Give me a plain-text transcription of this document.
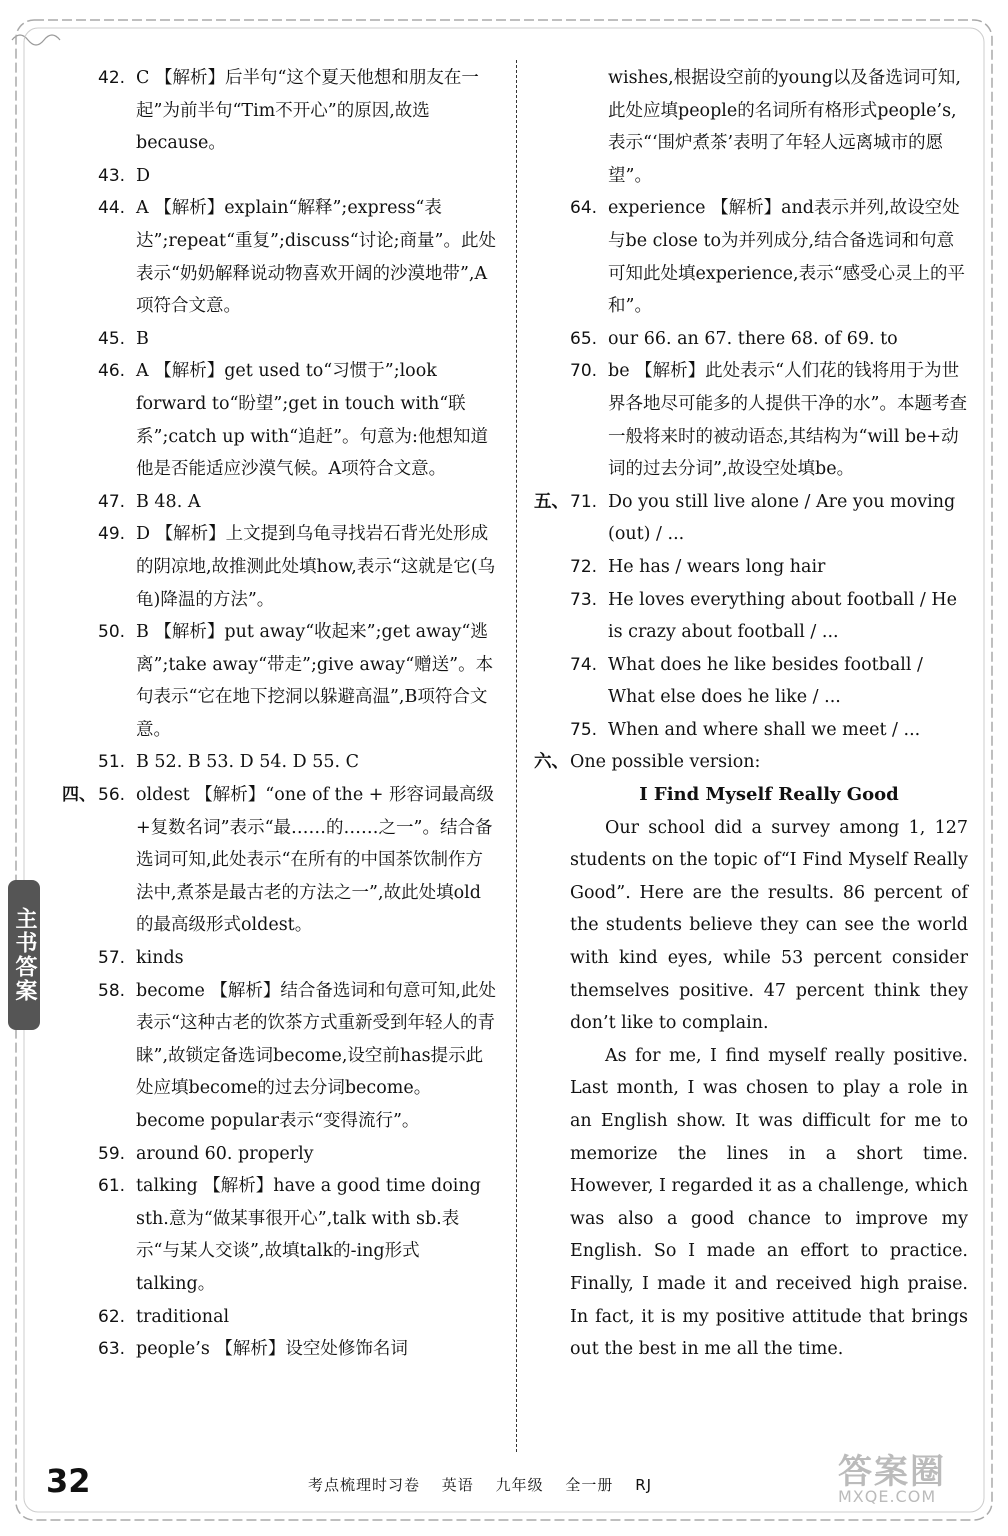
42. C 【解析】后半句“这个夏天他想和朋友在一起”为前半句“Tim不开心”的原因,故选because。
43. D
44. A 【解析】explain“解释”;express“表达”;repeat“重复”;discuss“讨论;商量”。此处表示“奶奶解释说动物喜欢开阔的沙漠地带”,A项符合文意。
45. B
46. A 【解析】get used to“习惯于”;look forward to“盼望”;get in touch with“联系”;catch up with“追赶”。句意为:他想知道他是否能适应沙漠气候。A项符合文意。
47. B 48. A
49. D 【解析】上文提到乌龟寻找岩石背光处形成的阴凉地,故推测此处填how,表示“这就是它(乌龟)降温的方法”。
50. B 【解析】put away“收起来”;get away“逃离”;take away“带走”;give away“赠送”。本句表示“它在地下挖洞以躲避高温”,B项符合文意。
51. B 52. B 53. D 54. D 55. C
四、 56. oldest 【解析】“one of the + 形容词最高级+复数名词”表示“最……的……之一”。结合备选词可知,此处表示“在所有的中国茶饮制作方法中,煮茶是最古老的方法之一”,故此处填old的最高级形式oldest。
57. kinds
58. become 【解析】结合备选词和句意可知,此处表示“这种古老的饮茶方式重新受到年轻人的青睐”,故锁定备选词become,设空前has提示此处应填become的过去分词become。become popular表示“变得流行”。
59. around 60. properly
61. talking 【解析】have a good time doing sth.意为“做某事很开心”,talk with sb.表示“与某人交谈”,故填talk的-ing形式talking。
62. traditional
63. people’s 【解析】设空处修饰名词
wishes,根据设空前的young以及备选词可知,此处应填people的名词所有格形式people’s,表示“‘围炉煮茶’表明了年轻人远离城市的愿望”。
64. experience 【解析】and表示并列,故设空处与be close to为并列成分,结合备选词和句意可知此处填experience,表示“感受心灵上的平和”。
65. our 66. an 67. there 68. of 69. to
70. be 【解析】此处表示“人们花的钱将用于为世界各地尽可能多的人提供干净的水”。本题考查一般将来时的被动语态,其结构为“will be+动词的过去分词”,故设空处填be。
五、 71. Do you still live alone / Are you moving (out) / ...
72. He has / wears long hair
73. He loves everything about football / He is crazy about football / ...
74. What does he like besides football / What else does he like / ...
75. When and where shall we meet / ...
六、 One possible version:
I Find Myself Really Good

Our school did a survey among 1, 127 students on the topic of“I Find Myself Really Good”. Here are the results. 86 percent of the students believe they can see the world with kind eyes, while 53 percent consider themselves positive. 47 percent think they don’t like to complain.

As for me, I find myself really positive. Last month, I was chosen to play a role in an English show. It was difficult for me to memorize the lines in a short time. However, I regarded it as a challenge, which was also a good chance to improve my English. So I made an effort to practice. Finally, I made it and received high praise. In fact, it is my positive attitude that brings out the best in me all the time.

主书答案
32	考点梳理时习卷 英语 九年级 全一册 RJ	答案圈
MXQE.COM
